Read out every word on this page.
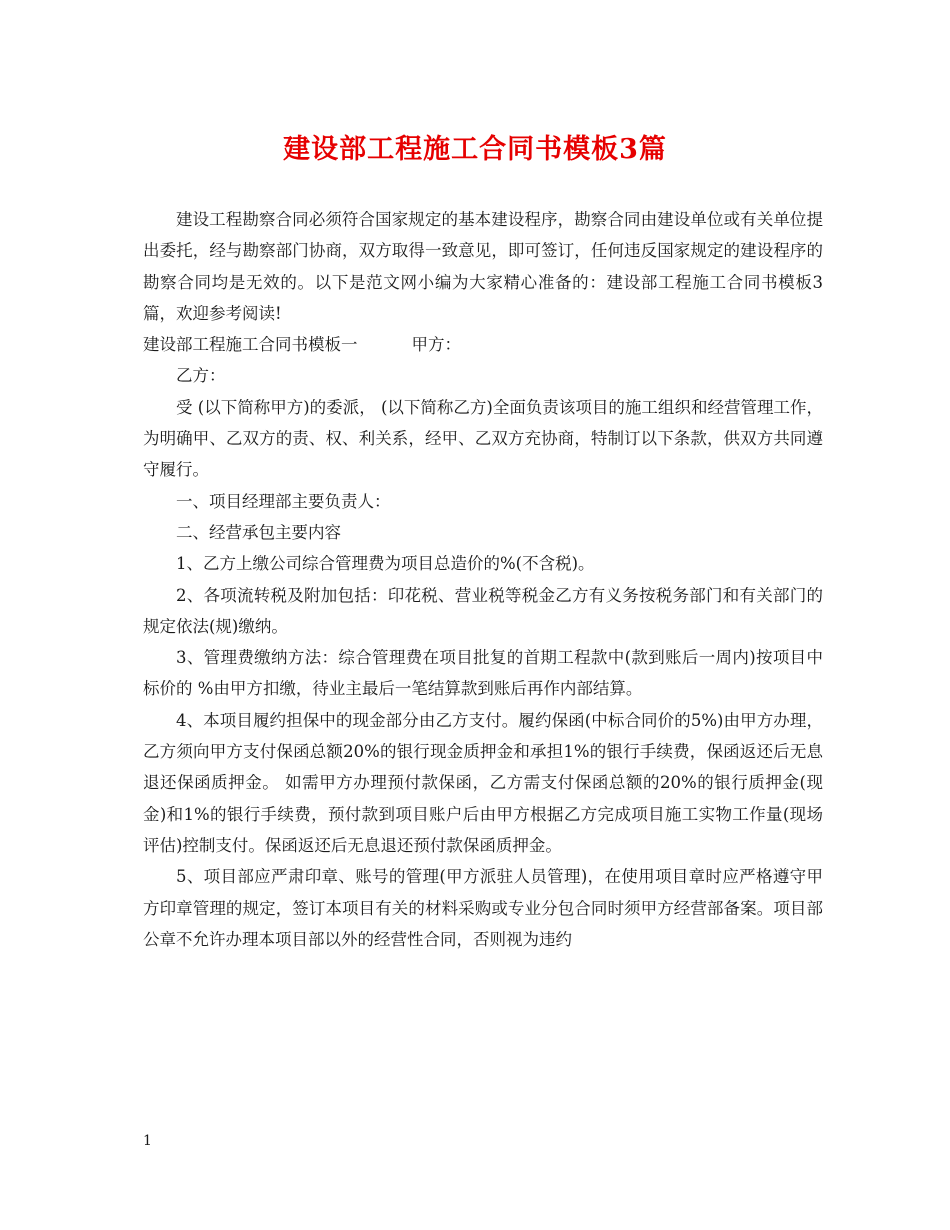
建设部工程施工合同书模板3篇

建设工程勘察合同必须符合国家规定的基本建设程序，勘察合同由建设单位或有关单位提出委托，经与勘察部门协商，双方取得一致意见，即可签订，任何违反国家规定的建设程序的勘察合同均是无效的。以下是范文网小编为大家精心准备的：建设部工程施工合同书模板3篇，欢迎参考阅读!

建设部工程施工合同书模板一	甲方：

乙方：

受 (以下简称甲方)的委派， (以下简称乙方)全面负责该项目的施工组织和经营管理工作，为明确甲、乙双方的责、权、利关系，经甲、乙双方充协商，特制订以下条款，供双方共同遵守履行。

一、项目经理部主要负责人：

二、经营承包主要内容

1、乙方上缴公司综合管理费为项目总造价的%(不含税)。

2、各项流转税及附加包括：印花税、营业税等税金乙方有义务按税务部门和有关部门的规定依法(规)缴纳。

3、管理费缴纳方法：综合管理费在项目批复的首期工程款中(款到账后一周内)按项目中标价的 %由甲方扣缴，待业主最后一笔结算款到账后再作内部结算。

4、本项目履约担保中的现金部分由乙方支付。履约保函(中标合同价的5%)由甲方办理，乙方须向甲方支付保函总额20%的银行现金质押金和承担1%的银行手续费，保函返还后无息退还保函质押金。 如需甲方办理预付款保函，乙方需支付保函总额的20%的银行质押金(现金)和1%的银行手续费，预付款到项目账户后由甲方根据乙方完成项目施工实物工作量(现场评估)控制支付。保函返还后无息退还预付款保函质押金。

5、项目部应严肃印章、账号的管理(甲方派驻人员管理)，在使用项目章时应严格遵守甲方印章管理的规定，签订本项目有关的材料采购或专业分包合同时须甲方经营部备案。项目部公章不允许办理本项目部以外的经营性合同，否则视为违约

1
